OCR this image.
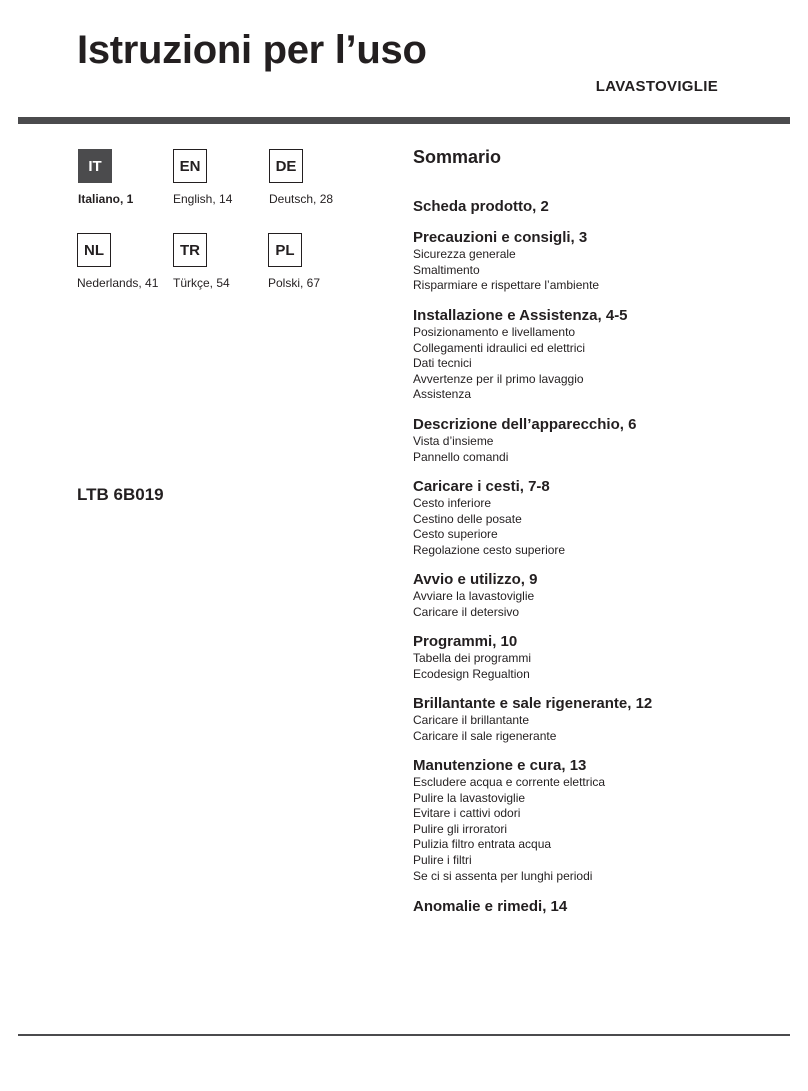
Istruzioni per l’uso
LAVASTOVIGLIE
IT
Italiano, 1
EN
English, 14
DE
Deutsch, 28
NL
Nederlands, 41
TR
Türkçe, 54
PL
Polski, 67
LTB 6B019
Sommario
Scheda prodotto, 2
Precauzioni e consigli, 3
Sicurezza generale
Smaltimento
Risparmiare e rispettare l’ambiente
Installazione e Assistenza, 4-5
Posizionamento e livellamento
Collegamenti idraulici ed elettrici
Dati tecnici
Avvertenze per il primo lavaggio
Assistenza
Descrizione dell’apparecchio, 6
Vista d’insieme
Pannello comandi
Caricare i cesti, 7-8
Cesto inferiore
Cestino delle posate
Cesto superiore
Regolazione cesto superiore
Avvio e utilizzo, 9
Avviare la lavastoviglie
Caricare il detersivo
Programmi, 10
Tabella dei programmi
Ecodesign Regualtion
Brillantante e sale rigenerante, 12
Caricare il brillantante
Caricare il sale rigenerante
Manutenzione e cura, 13
Escludere acqua e corrente elettrica
Pulire la lavastoviglie
Evitare i cattivi odori
Pulire gli irroratori
Pulizia filtro entrata acqua
Pulire i filtri
Se ci si assenta per lunghi periodi
Anomalie e rimedi, 14
